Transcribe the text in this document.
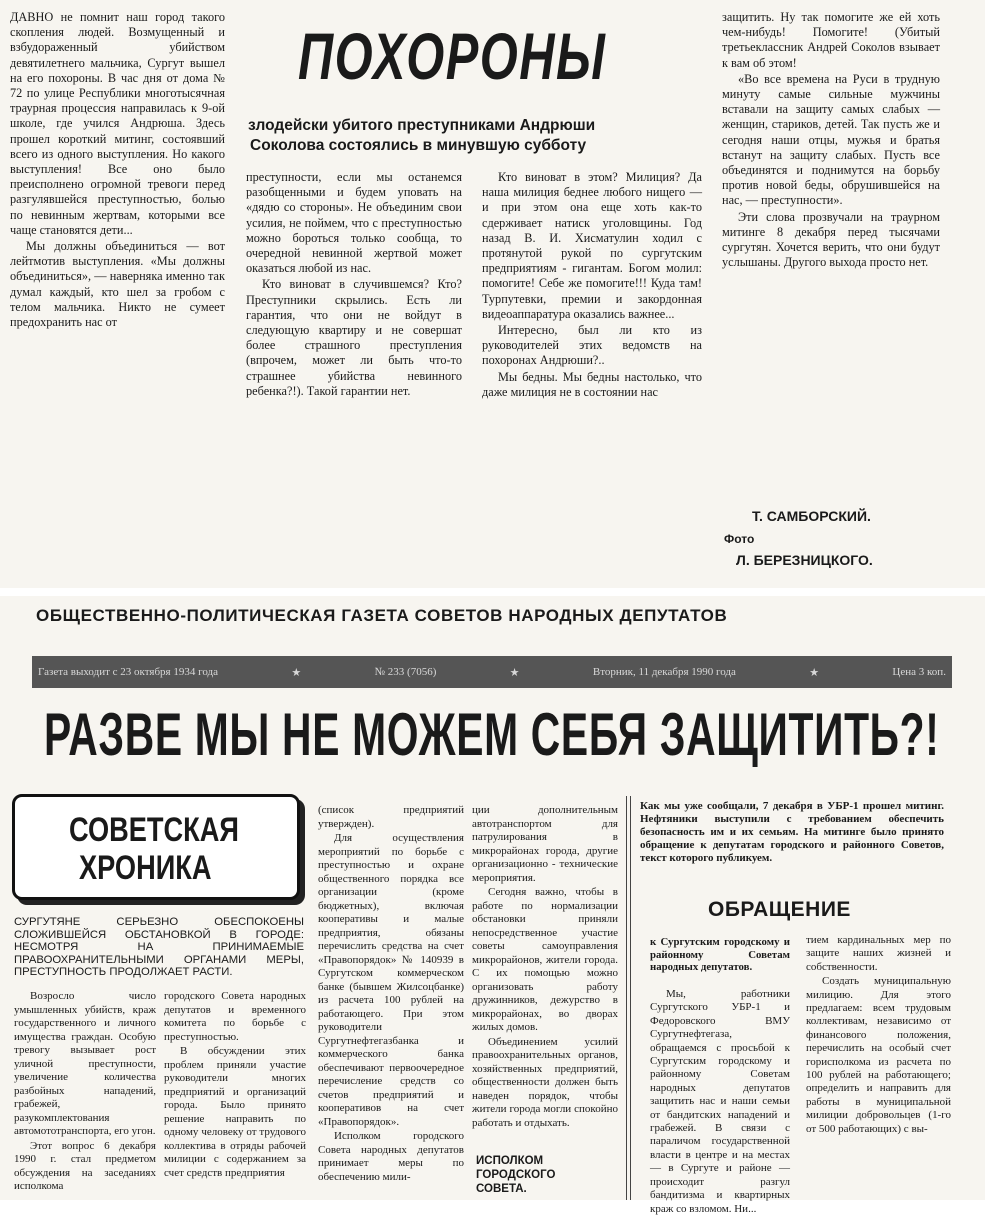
ДАВНО не помнит наш город такого скопления людей. Возмущенный и взбудораженный убийством девятилетнего мальчика, Сургут вышел на его похороны. В час дня от дома № 72 по улице Республики многотысячная траурная процессия направилась к 9-ой школе, где учился Андрюша. Здесь прошел короткий митинг, состоявший всего из одного выступления. Но какого выступления! Все оно было преисполнено огромной тревоги перед разгулявшейся преступностью, болью по невинным жертвам, которыми все чаще становятся дети...

Мы должны объединиться — вот лейтмотив выступления. «Мы должны объединиться», — наверняка именно так думал каждый, кто шел за гробом с телом мальчика. Никто не сумеет предохранить нас от

ПОХОРОНЫ
злодейски убитого преступниками Андрюши
Соколова состоялись в минувшую субботу

преступности, если мы останемся разобщенными и будем уповать на «дядю со стороны». Не объединим свои усилия, не поймем, что с преступностью можно бороться только сообща, то очередной невинной жертвой может оказаться любой из нас.

Кто виноват в случившемся? Кто? Преступники скрылись. Есть ли гарантия, что они не войдут в следующую квартиру и не совершат более страшного преступления (впрочем, может ли быть что-то страшнее убийства невинного ребенка?!). Такой гарантии нет.

Кто виноват в этом? Милиция? Да наша милиция беднее любого нищего — и при этом она еще хоть как-то сдерживает натиск уголовщины. Год назад В. И. Хисматулин ходил с протянутой рукой по сургутским предприятиям - гигантам. Богом молил: помогите! Себе же помогите!!! Куда там! Турпутевки, премии и закордонная видеоаппаратура оказались важнее...

Интересно, был ли кто из руководителей этих ведомств на похоронах Андрюши?..

Мы бедны. Мы бедны настолько, что даже милиция не в состоянии нас

защитить. Ну так помогите же ей хоть чем-нибудь! Помогите! (Убитый третьеклассник Андрей Соколов взывает к вам об этом!

«Во все времена на Руси в трудную минуту самые сильные мужчины вставали на защиту самых слабых — женщин, стариков, детей. Так пусть же и сегодня наши отцы, мужья и братья встанут на защиту слабых. Пусть все объединятся и поднимутся на борьбу против новой беды, обрушившейся на нас, — преступности».

Эти слова прозвучали на траурном митинге 8 декабря перед тысячами сургутян. Хочется верить, что они будут услышаны. Другого выхода просто нет.

Т. САМБОРСКИЙ.
Фото
Л. БЕРЕЗНИЦКОГО.
ОБЩЕСТВЕННО-ПОЛИТИЧЕСКАЯ ГАЗЕТА СОВЕТОВ НАРОДНЫХ ДЕПУТАТОВ
Газета выходит с 23 октября 1934 года	★	№ 233 (7056)	★	Вторник, 11 декабря 1990 года	★	Цена 3 коп.
РАЗВЕ МЫ НЕ МОЖЕМ СЕБЯ ЗАЩИТИТЬ?!
СОВЕТСКАЯ
ХРОНИКА
СУРГУТЯНЕ СЕРЬЕЗНО ОБЕСПОКОЕНЫ СЛОЖИВШЕЙСЯ ОБСТАНОВКОЙ В ГОРОДЕ: НЕСМОТРЯ НА ПРИНИМАЕМЫЕ ПРАВООХРАНИТЕЛЬНЫМИ ОРГАНАМИ МЕРЫ, ПРЕСТУПНОСТЬ ПРОДОЛЖАЕТ РАСТИ.

Возросло число умышленных убийств, краж государственного и личного имущества граждан. Особую тревогу вызывает рост уличной преступности, увеличение количества разбойных нападений, грабежей, разукомплектования автомототранспорта, его угон.

Этот вопрос 6 декабря 1990 г. стал предметом обсуждения на заседаниях исполкома

городского Совета народных депутатов и временного комитета по борьбе с преступностью.

В обсуждении этих проблем приняли участие руководители многих предприятий и организаций города. Было принято решение направить по одному человеку от трудового коллектива в отряды рабочей милиции с содержанием за счет средств предприятия

(список предприятий утвержден).

Для осуществления мероприятий по борьбе с преступностью и охране общественного порядка все организации (кроме бюджетных), включая кооперативы и малые предприятия, обязаны перечислить средства на счет «Правопорядок» № 140939 в Сургутском коммерческом банке (бывшем Жилсоцбанке) из расчета 100 рублей на работающего. При этом руководители Сургутнефтегазбанка и коммерческого банка обеспечивают первоочередное перечисление средств со счетов предприятий и кооперативов на счет «Правопорядок».

Исполком городского Совета народных депутатов принимает меры по обеспечению мили-

ции дополнительным автотранспортом для патрулирования в микрорайонах города, другие организационно - технические мероприятия.

Сегодня важно, чтобы в работе по нормализации обстановки приняли непосредственное участие советы самоуправления микрорайонов, жители города. С их помощью можно организовать работу дружинников, дежурство в микрорайонах, во дворах жилых домов.

Объединением усилий правоохранительных органов, хозяйственных предприятий, общественности должен быть наведен порядок, чтобы жители города могли спокойно работать и отдыхать.

ИСПОЛКОМ ГОРОДСКОГО СОВЕТА.
Как мы уже сообщали, 7 декабря в УБР-1 прошел митинг. Нефтяники выступили с требованием обеспечить безопасность им и их семьям. На митинге было принято обращение к депутатам городского и районного Советов, текст которого публикуем.
ОБРАЩЕНИЕ
к Сургутским городскому и районному Советам народных депутатов.

Мы, работники Сургутского УБР-1 и Федоровского ВМУ Сургутнефтегаза, обращаемся с просьбой к Сургутским городскому и районному Советам народных депутатов защитить нас и наши семьи от бандитских нападений и грабежей. В связи с параличом государственной власти в центре и на местах — в Сургуте и районе — происходит разгул бандитизма и квартирных краж со взломом. Ни...

тием кардинальных мер по защите наших жизней и собственности.

Создать муниципальную милицию. Для этого предлагаем: всем трудовым коллективам, независимо от финансового положения, перечислить на особый счет горисполкома из расчета по 100 рублей на работающего; определить и направить для работы в муниципальной милиции добровольцев (1-го от 500 работающих) с вы-
